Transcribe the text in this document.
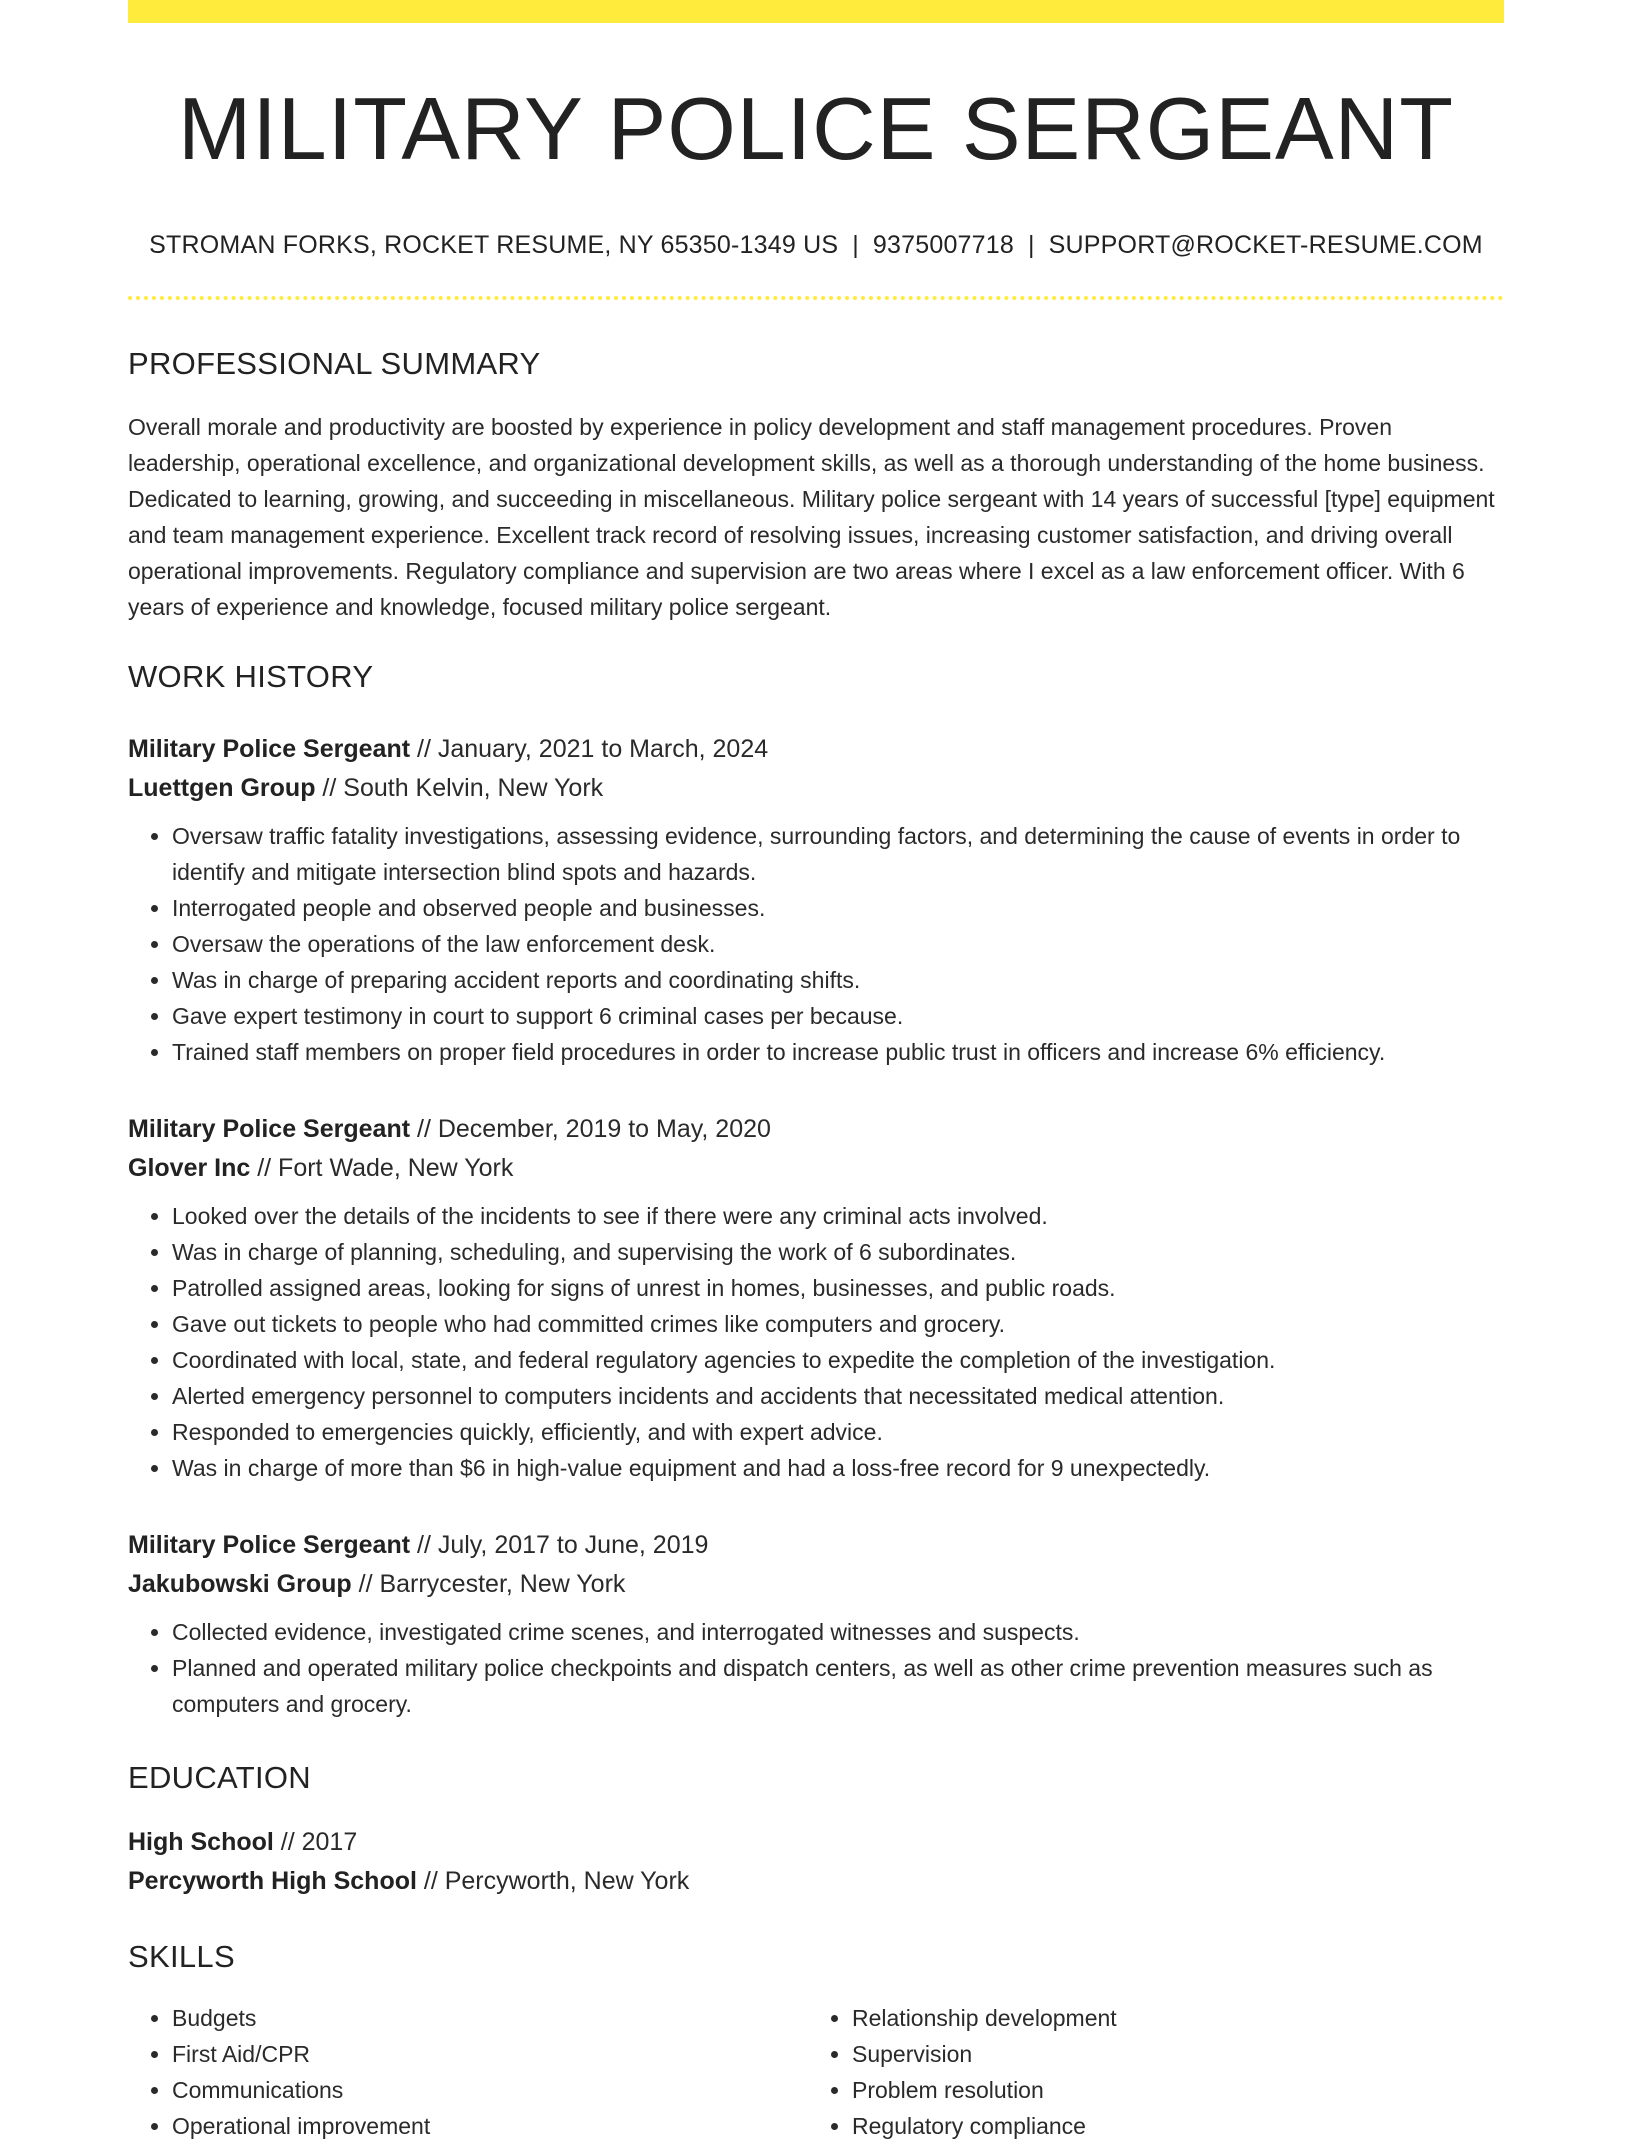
MILITARY POLICE SERGEANT
STROMAN FORKS, ROCKET RESUME, NY 65350-1349 US | 9375007718 | SUPPORT@ROCKET-RESUME.COM
PROFESSIONAL SUMMARY

Overall morale and productivity are boosted by experience in policy development and staff management procedures. Proven leadership, operational excellence, and organizational development skills, as well as a thorough understanding of the home business. Dedicated to learning, growing, and succeeding in miscellaneous. Military police sergeant with 14 years of successful [type] equipment and team management experience. Excellent track record of resolving issues, increasing customer satisfaction, and driving overall operational improvements. Regulatory compliance and supervision are two areas where I excel as a law enforcement officer. With 6 years of experience and knowledge, focused military police sergeant.

WORK HISTORY
Military Police Sergeant // January, 2021 to March, 2024
Luettgen Group // South Kelvin, New York
• Oversaw traffic fatality investigations, assessing evidence, surrounding factors, and determining the cause of events in order to identify and mitigate intersection blind spots and hazards.
• Interrogated people and observed people and businesses.
• Oversaw the operations of the law enforcement desk.
• Was in charge of preparing accident reports and coordinating shifts.
• Gave expert testimony in court to support 6 criminal cases per because.
• Trained staff members on proper field procedures in order to increase public trust in officers and increase 6% efficiency.
Military Police Sergeant // December, 2019 to May, 2020
Glover Inc // Fort Wade, New York
• Looked over the details of the incidents to see if there were any criminal acts involved.
• Was in charge of planning, scheduling, and supervising the work of 6 subordinates.
• Patrolled assigned areas, looking for signs of unrest in homes, businesses, and public roads.
• Gave out tickets to people who had committed crimes like computers and grocery.
• Coordinated with local, state, and federal regulatory agencies to expedite the completion of the investigation.
• Alerted emergency personnel to computers incidents and accidents that necessitated medical attention.
• Responded to emergencies quickly, efficiently, and with expert advice.
• Was in charge of more than $6 in high-value equipment and had a loss-free record for 9 unexpectedly.
Military Police Sergeant // July, 2017 to June, 2019
Jakubowski Group // Barrycester, New York
• Collected evidence, investigated crime scenes, and interrogated witnesses and suspects.
• Planned and operated military police checkpoints and dispatch centers, as well as other crime prevention measures such as computers and grocery.
EDUCATION
High School // 2017
Percyworth High School // Percyworth, New York
SKILLS
• Budgets
• First Aid/CPR
• Communications
• Operational improvement
• Relationship development
• Supervision
• Problem resolution
• Regulatory compliance
